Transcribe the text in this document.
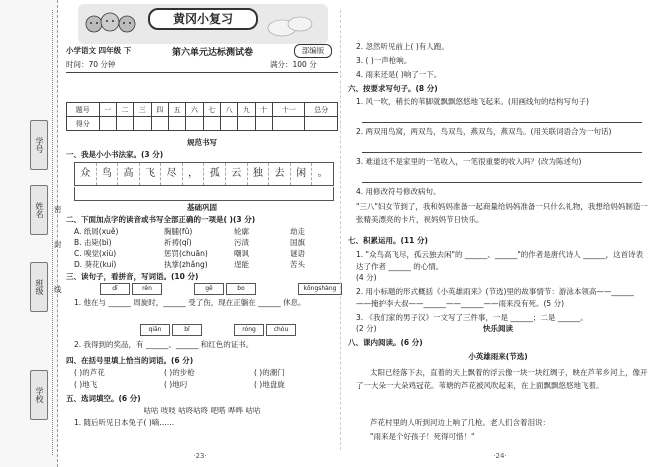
学号
姓名
班级
学校
密
封
线
黄冈小复习
小学语文 四年级 下	第六单元达标测试卷	部编版
时间：70 分钟	满分：100 分
题号	一	二	三	四	五	六	七	八	九	十	十一	总分
得分												
规范书写
一、我是小小书法家。(3 分)
众	鸟	高	飞	尽	，	孤	云	独	去	闲	。
基础巩固
二、下面加点字的读音或书写全部正确的一项是( )(3 分)
A. 纸屑(xuě)	胸脯(fǔ)	轮廓	劫走
B. 击毙(bì)	祈祷(qǐ)	污渍	国旗
C. 嗅觉(xiù)	惩罚(chuān)	嘲讽	谜语
D. 葵花(kuí)	执掌(zhǎng)	逞能	苦头
三、读句子，看拼音，写词语。(10 分)
dī	rěn	gē	bo	kōngshàng
1. 他在与 ______ 周旋时，______ 受了伤，现在正躺在 ______ 休息。
qiān	bǐ	róng	chóu
2. 我得到的奖品，有 ______、______ 和红色的证书。
四、在括号里填上恰当的词语。(6 分)
( )的芦花	( )的步枪	( )的潮门
( )地飞	( )地叼	( )地盘旋
五、选词填空。(6 分)
咕咕 吱吱 咕咚咕咚 吧嗒 哗哗 咕咕
1. 随后听见日本兔子( )嘀……
·23·
2. 忽然听见前上( )有人跑。
3. ( )一声枪响。
4. 雨来还是( )响了一下。
六、按要求写句子。(8 分)
1. 风一吹，稍长的苇脚就飘飘悠悠地飞起来。(用画线句的结构写句子)
2. 两双用鸟窝，两双鸟，鸟双鸟，燕双鸟，燕双鸟。(用关联词语合为一句话)
3. 难道这不是家里的一笔收入，一笔很重要的收入吗？(改为陈述句)
4. 用修改符号修改病句。
"三八"妇女节到了，我和妈妈准备一起商量给妈妈准备一只什么礼物，我想给妈妈制造一张精美漂亮的卡片，祝妈妈节日快乐。
七、积累运用。(11 分)
1. "众鸟高飞尽，孤云独去闲"的 ______、______"的作者是唐代诗人 ______，这首诗表达了作者 ______ 的心情。
(4 分)
2. 用小标题的形式概括《小英雄雨来》(节选)里的故事情节：游泳本领高——______——掩护李大叔——______——______——雨来没有死。(5 分)
3. 《我们家的男子汉》一文写了三件事，一是 ______；二是 ______。
(2 分)	快乐阅读
八、课内阅读。(6 分)
小英雄雨来(节选)
太阳已经落下去，直着的天上飘着的浮云像一块一块红绸子，映在芦苇乡河上，像开了一大朵一大朵鸡冠花。苇塘的芦花被风吹起来，在上面飘飘悠悠地飞着。
芦花村里的人听到河边上响了几枪。老人们含着泪说：
"雨来是个好孩子！死得可惜！"
·24·
